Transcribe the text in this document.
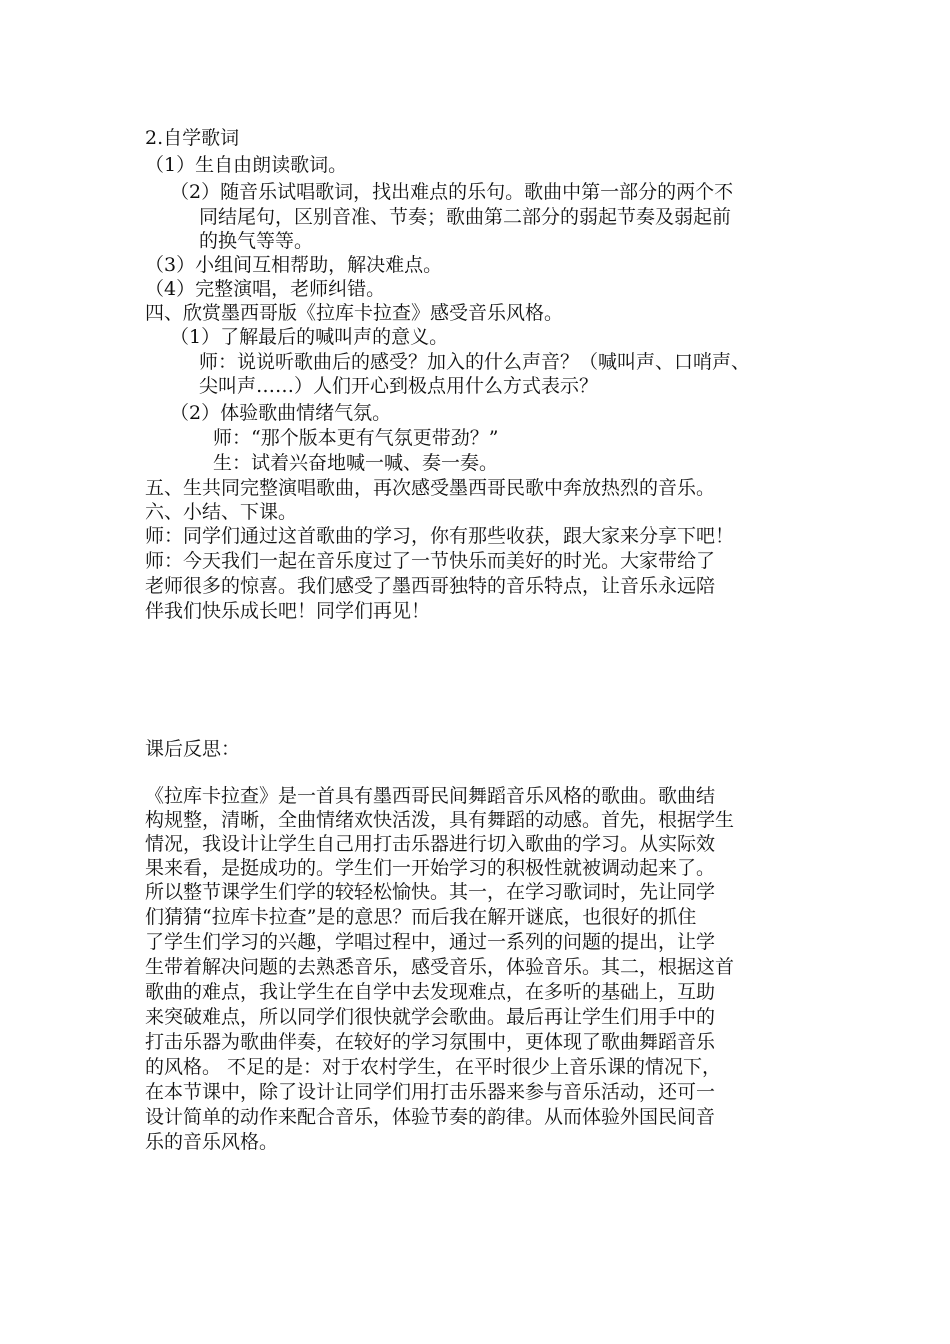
2.自学歌词
（1）生自由朗读歌词。
（2）随音乐试唱歌词，找出难点的乐句。歌曲中第一部分的两个不
同结尾句，区别音准、节奏；歌曲第二部分的弱起节奏及弱起前
的换气等等。
（3）小组间互相帮助，解决难点。
（4）完整演唱，老师纠错。
四、欣赏墨西哥版《拉库卡拉查》感受音乐风格。
（1）了解最后的喊叫声的意义。
师：说说听歌曲后的感受？加入的什么声音？（喊叫声、口哨声、
尖叫声……）人们开心到极点用什么方式表示？
（2）体验歌曲情绪气氛。
师：“那个版本更有气氛更带劲？”
生：试着兴奋地喊一喊、奏一奏。
五、生共同完整演唱歌曲，再次感受墨西哥民歌中奔放热烈的音乐。
六、小结、下课。
师：同学们通过这首歌曲的学习，你有那些收获，跟大家来分享下吧！
师：今天我们一起在音乐度过了一节快乐而美好的时光。大家带给了
老师很多的惊喜。我们感受了墨西哥独特的音乐特点，让音乐永远陪
伴我们快乐成长吧！同学们再见！
课后反思：
《拉库卡拉查》是一首具有墨西哥民间舞蹈音乐风格的歌曲。歌曲结
构规整，清晰，全曲情绪欢快活泼，具有舞蹈的动感。首先，根据学生
情况，我设计让学生自己用打击乐器进行切入歌曲的学习。从实际效
果来看，是挺成功的。学生们一开始学习的积极性就被调动起来了。
所以整节课学生们学的较轻松愉快。其一，在学习歌词时，先让同学
们猜猜“拉库卡拉查”是的意思？而后我在解开谜底，也很好的抓住
了学生们学习的兴趣，学唱过程中，通过一系列的问题的提出，让学
生带着解决问题的去熟悉音乐，感受音乐，体验音乐。其二，根据这首
歌曲的难点，我让学生在自学中去发现难点，在多听的基础上，互助
来突破难点，所以同学们很快就学会歌曲。最后再让学生们用手中的
打击乐器为歌曲伴奏，在较好的学习氛围中，更体现了歌曲舞蹈音乐
的风格。 不足的是：对于农村学生，在平时很少上音乐课的情况下，
在本节课中，除了设计让同学们用打击乐器来参与音乐活动，还可一
设计简单的动作来配合音乐，体验节奏的韵律。从而体验外国民间音
乐的音乐风格。
